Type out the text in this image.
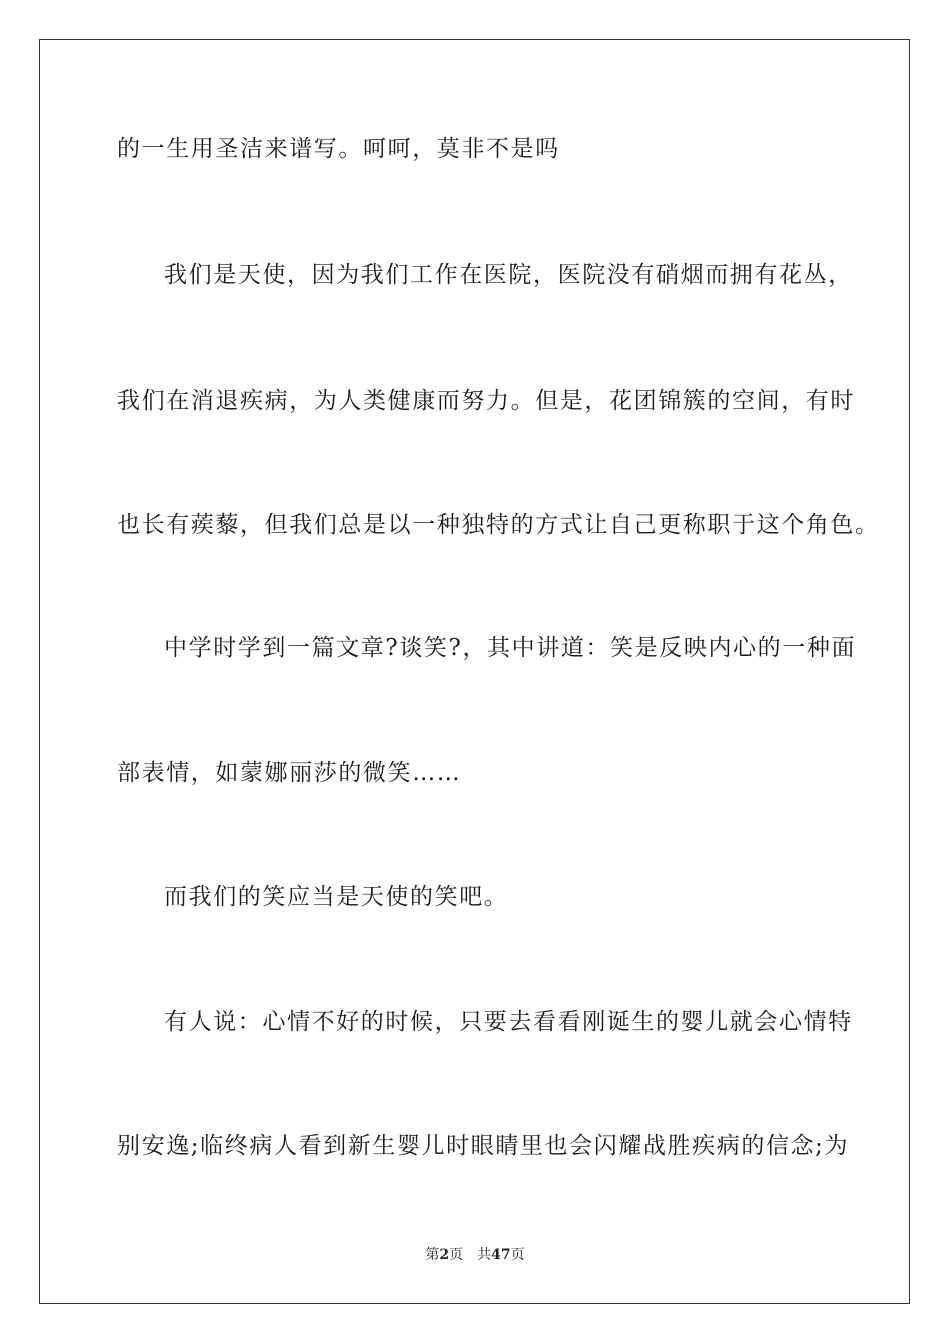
的一生用圣洁来谱写。呵呵，莫非不是吗
我们是天使，因为我们工作在医院，医院没有硝烟而拥有花丛，
我们在消退疾病，为人类健康而努力。但是，花团锦簇的空间，有时
也长有蒺藜，但我们总是以一种独特的方式让自己更称职于这个角色。
中学时学到一篇文章?谈笑?，其中讲道：笑是反映内心的一种面
部表情，如蒙娜丽莎的微笑……
而我们的笑应当是天使的笑吧。
有人说：心情不好的时候，只要去看看刚诞生的婴儿就会心情特
别安逸;临终病人看到新生婴儿时眼睛里也会闪耀战胜疾病的信念;为
第2页 共47页
